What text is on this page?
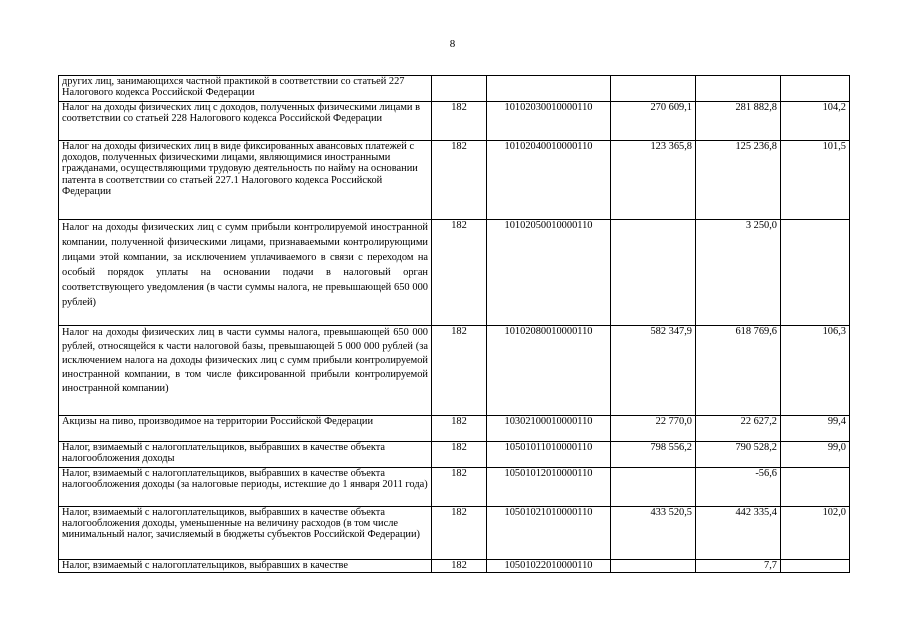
8
других лиц, занимающихся частной практикой в соответствии со статьей 227 Налогового кодекса Российской Федерации					
Налог на доходы физических лиц с доходов, полученных физическими лицами в соответствии со статьей 228 Налогового кодекса Российской Федерации	182	10102030010000110	270 609,1	281 882,8	104,2
Налог на доходы физических лиц в виде фиксированных авансовых платежей с доходов, полученных физическими лицами, являющимися иностранными гражданами, осуществляющими трудовую деятельность по найму на основании патента в соответствии со статьей 227.1 Налогового кодекса Российской Федерации	182	10102040010000110	123 365,8	125 236,8	101,5
Налог на доходы физических лиц с сумм прибыли контролируемой иностранной компании, полученной физическими лицами, признаваемыми контролирующими лицами этой компании, за исключением уплачиваемого в связи с переходом на особый порядок уплаты на основании подачи в налоговый орган соответствующего уведомления (в части суммы налога, не превышающей 650 000 рублей)	182	10102050010000110		3 250,0	
Налог на доходы физических лиц в части суммы налога, превышающей 650 000 рублей, относящейся к части налоговой базы, превышающей 5 000 000 рублей (за исключением налога на доходы физических лиц с сумм прибыли контролируемой иностранной компании, в том числе фиксированной прибыли контролируемой иностранной компании)	182	10102080010000110	582 347,9	618 769,6	106,3
Акцизы на пиво, производимое на территории Российской Федерации	182	10302100010000110	22 770,0	22 627,2	99,4
Налог, взимаемый с налогоплательщиков, выбравших в качестве объекта налогообложения доходы	182	10501011010000110	798 556,2	790 528,2	99,0
Налог, взимаемый с налогоплательщиков, выбравших в качестве объекта налогообложения доходы (за налоговые периоды, истекшие до 1 января 2011 года)	182	10501012010000110		-56,6	
Налог, взимаемый с налогоплательщиков, выбравших в качестве объекта налогообложения доходы, уменьшенные на величину расходов (в том числе минимальный налог, зачисляемый в бюджеты субъектов Российской Федерации)	182	10501021010000110	433 520,5	442 335,4	102,0
Налог, взимаемый с налогоплательщиков, выбравших в качестве	182	10501022010000110		7,7	
